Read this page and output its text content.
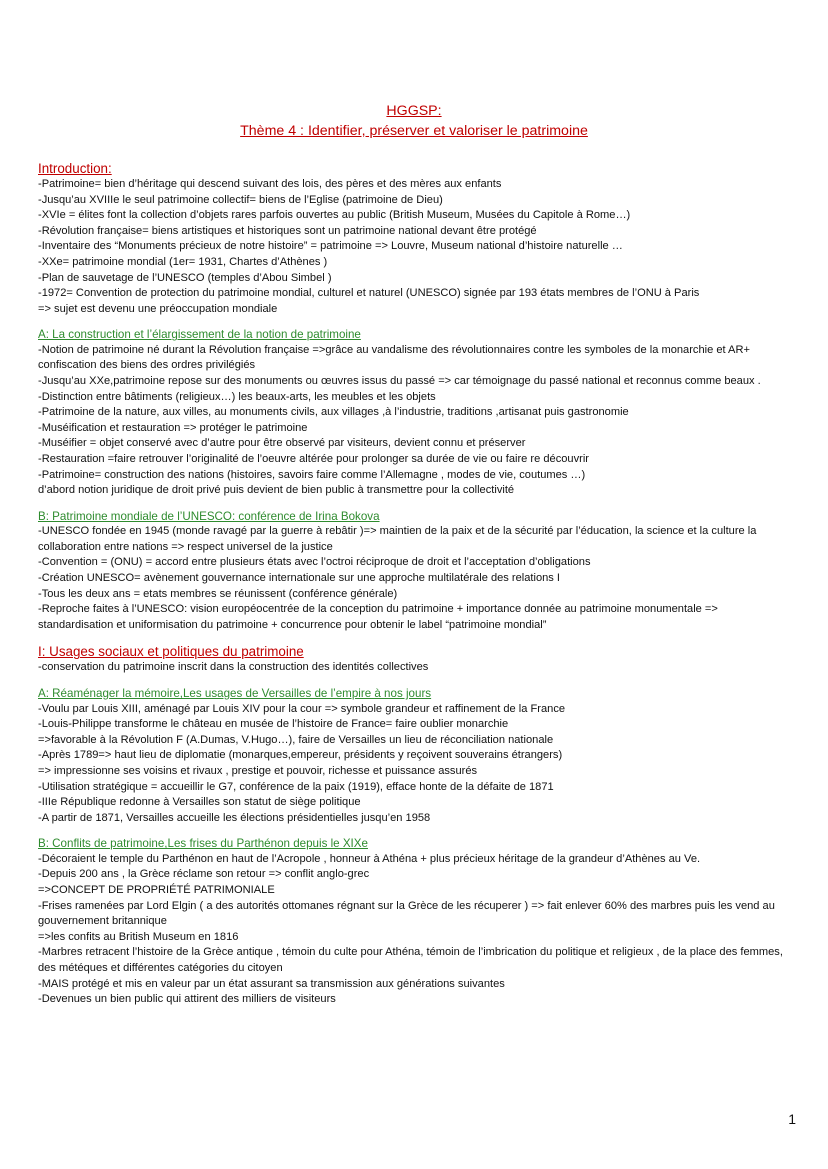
HGGSP:
Thème 4 : Identifier, préserver et valoriser le patrimoine
Introduction:
-Patrimoine= bien d’héritage qui descend suivant des lois, des pères et des mères aux enfants
-Jusqu’au XVIIIe le seul patrimoine collectif= biens de l’Eglise (patrimoine de Dieu)
-XVIe = élites font la collection d’objets rares parfois ouvertes au public (British Museum, Musées du Capitole à Rome…)
-Révolution française= biens artistiques et historiques sont un patrimoine national devant être protégé
-Inventaire des “Monuments précieux de notre histoire” = patrimoine => Louvre, Museum national d’histoire naturelle …
-XXe= patrimoine mondial (1er= 1931, Chartes d’Athènes )
-Plan de sauvetage de l’UNESCO (temples d’Abou Simbel )
-1972= Convention de protection du patrimoine mondial, culturel et naturel (UNESCO) signée par 193 états membres de l’ONU à Paris
=> sujet est devenu une préoccupation mondiale
A: La construction et l’élargissement de la notion de patrimoine
-Notion de patrimoine né durant la Révolution française =>grâce au vandalisme des révolutionnaires contre les symboles de la monarchie et AR+ confiscation des biens des ordres privilégiés
-Jusqu’au XXe,patrimoine repose sur des monuments ou œuvres issus du passé => car témoignage du passé national et reconnus comme beaux .
-Distinction entre bâtiments (religieux…) les beaux-arts, les meubles et les objets
-Patrimoine de la nature, aux villes, au monuments civils, aux villages ,à l’industrie, traditions ,artisanat puis gastronomie
-Muséification et restauration => protéger le patrimoine
-Muséifier = objet conservé avec d’autre pour être observé par visiteurs, devient connu et préserver
-Restauration =faire retrouver l’originalité de l’oeuvre altérée pour prolonger sa durée de vie ou faire re découvrir
-Patrimoine= construction des nations (histoires, savoirs faire comme l’Allemagne , modes de vie, coutumes …)
d’abord notion juridique de droit privé puis devient de bien public à transmettre pour la collectivité
B: Patrimoine mondiale de l’UNESCO: conférence de Irina Bokova
-UNESCO fondée en 1945 (monde ravagé par la guerre à rebâtir )=> maintien de la paix et de la sécurité par l’éducation, la science et la culture la collaboration entre nations => respect universel de la justice
-Convention = (ONU) = accord entre plusieurs états avec l’octroi réciproque de droit et l’acceptation d’obligations
-Création UNESCO= avènement gouvernance internationale sur une approche multilatérale des relations I
-Tous les deux ans = etats membres se réunissent (conférence générale)
-Reproche faites à l’UNESCO: vision européocentrée de la conception du patrimoine + importance donnée au patrimoine monumentale => standardisation et uniformisation du patrimoine + concurrence pour obtenir le label “patrimoine mondial”
I: Usages sociaux et politiques du patrimoine
-conservation du patrimoine inscrit dans la construction des identités collectives
A: Réaménager la mémoire,Les usages de Versailles de l’empire à nos jours
-Voulu par Louis XIII, aménagé par Louis XIV pour la cour => symbole grandeur et raffinement de la France
-Louis-Philippe transforme le château en musée de l’histoire de France= faire oublier monarchie
=>favorable à la Révolution F (A.Dumas, V.Hugo…), faire de Versailles un lieu de réconciliation nationale
-Après 1789=> haut lieu de diplomatie (monarques,empereur, présidents y reçoivent souverains étrangers)
=> impressionne ses voisins et rivaux , prestige et pouvoir, richesse et puissance assurés
-Utilisation stratégique = accueillir le G7, conférence de la paix (1919), efface honte de la défaite de 1871
-IIIe République redonne à Versailles son statut de siège politique
-A partir de 1871, Versailles accueille les élections présidentielles jusqu’en 1958
B: Conflits de patrimoine,Les frises du Parthénon depuis le XIXe
-Décoraient le temple du Parthénon en haut de l’Acropole , honneur à Athéna + plus précieux héritage de la grandeur d’Athènes au Ve.
-Depuis 200 ans , la Grèce réclame son retour => conflit anglo-grec
=>CONCEPT DE PROPRIÉTÉ PATRIMONIALE
-Frises ramenées par Lord Elgin ( a des autorités ottomanes régnant sur la Grèce de les récuperer ) => fait enlever 60% des marbres puis les vend au gouvernement britannique
=>les confits au British Museum en 1816
-Marbres retracent l’histoire de la Grèce antique , témoin du culte pour Athéna, témoin de l’imbrication du politique et religieux , de la place des femmes, des météques et différentes catégories du citoyen
-MAIS protégé et mis en valeur par un état assurant sa transmission aux générations suivantes
-Devenues un bien public qui attirent des milliers de visiteurs
1
